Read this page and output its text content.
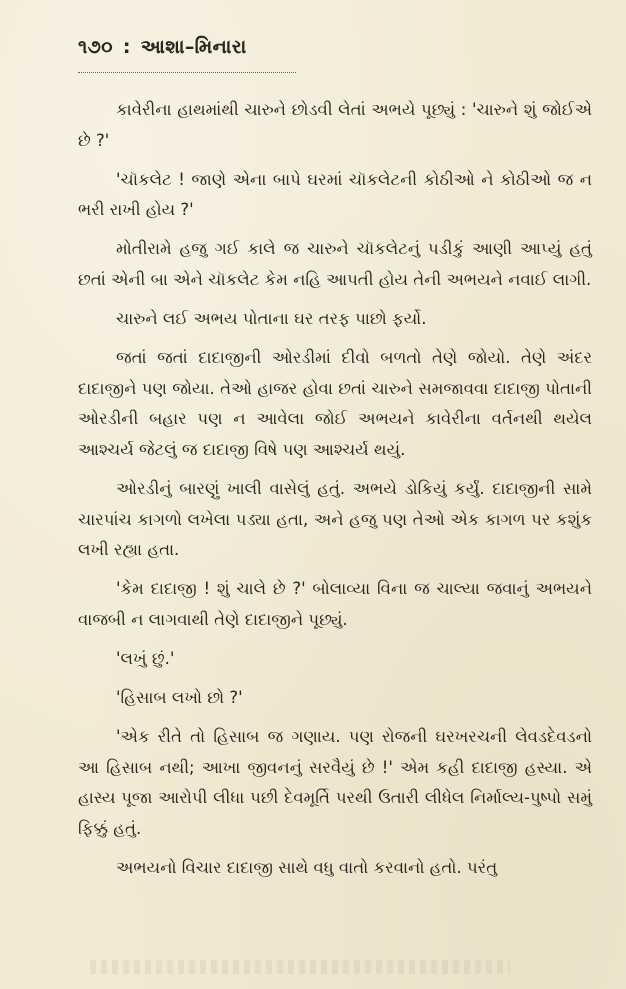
૧૭૦ : આશા–મિનારા

કાવેરીના હાથમાંથી ચારુને છોડવી લેતાં અભયે પૂછ્યું : 'ચારુને શું જોઈએ છે ?'

'ચૉકલેટ ! જાણે એના બાપે ઘરમાં ચૉકલેટની કોઠીઓ ને કોઠીઓ જ ન ભરી રાખી હોય ?'

મોતીરામે હજુ ગઈ કાલે જ ચારુને ચૉકલેટનું પડીકું આણી આપ્યું હતું છતાં એની બા એને ચૉકલેટ કેમ નહિ આપતી હોય તેની અભયને નવાઈ લાગી.

ચારુને લઈ અભય પોતાના ઘર તરફ પાછો ફર્યો.

જતાં જતાં દાદાજીની ઓરડીમાં દીવો બળતો તેણે જોયો. તેણે અંદર દાદાજીને પણ જોયા. તેઓ હાજર હોવા છતાં ચારુને સમજાવવા દાદાજી પોતાની ઓરડીની બહાર પણ ન આવેલા જોઈ અભયને કાવેરીના વર્તનથી થયેલ આશ્ચર્ય જેટલું જ દાદાજી વિષે પણ આશ્ચર્ય થયું.

ઓરડીનું બારણું ખાલી વાસેલું હતું. અભયે ડોકિયું કર્યું. દાદાજીની સામે ચારપાંચ કાગળો લખેલા પડ્યા હતા, અને હજુ પણ તેઓ એક કાગળ પર કશુંક લખી રહ્યા હતા.

'કેમ દાદાજી ! શું ચાલે છે ?' બોલાવ્યા વિના જ ચાલ્યા જવાનું અભયને વાજબી ન લાગવાથી તેણે દાદાજીને પૂછ્યું.

'લખું છું.'

'હિસાબ લખો છો ?'

'એક રીતે તો હિસાબ જ ગણાય. પણ રોજની ઘરખરચની લેવડદેવડનો આ હિસાબ નથી; આખા જીવનનું સરવૈયું છે !' એમ કહી દાદાજી હસ્યા. એ હાસ્ય પૂજા આરોપી લીધા પછી દેવમૂર્તિ પરથી ઉતારી લીધેલ નિર્માલ્ય-પુષ્પો સમું ફિક્કું હતું.

અભયનો વિચાર દાદાજી સાથે વધુ વાતો કરવાનો હતો. પરંતુ
